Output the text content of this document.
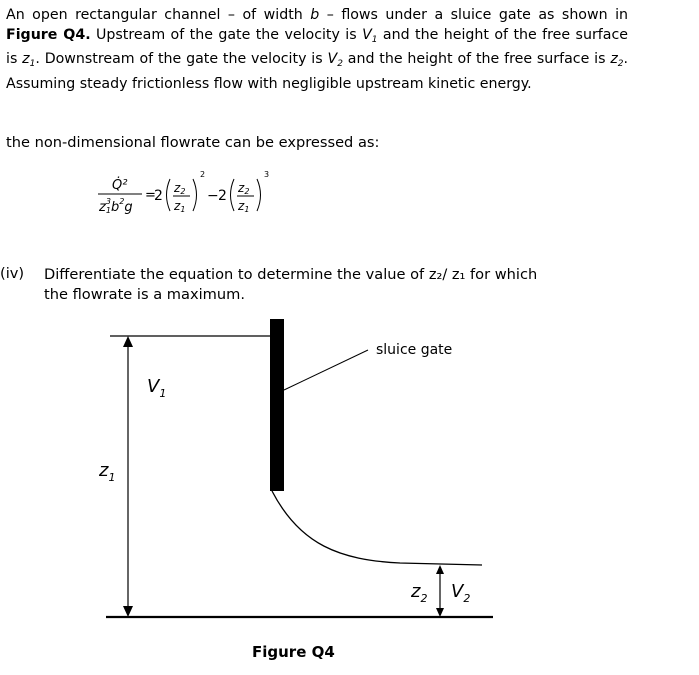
An open rectangular channel – of width b – flows under a sluice gate as shown in Figure Q4. Upstream of the gate the velocity is $V_1$ and the height of the free surface is $z_1$. Downstream of the gate the velocity is $V_2$ and the height of the free surface is $z_2$. Assuming steady frictionless flow with negligible upstream kinetic energy.
the non-dimensional flowrate can be expressed as:
Q̇²
$z13b^2g$
=
2 z2
z1
2
− 2 z2
z1
3
(iv) Differentiate the equation to determine the value of z₂/ z₁ for which the flowrate is a maximum.
sluice gate
$V_1$
$z_1$
$z_2$ $V_2$
Figure Q4
